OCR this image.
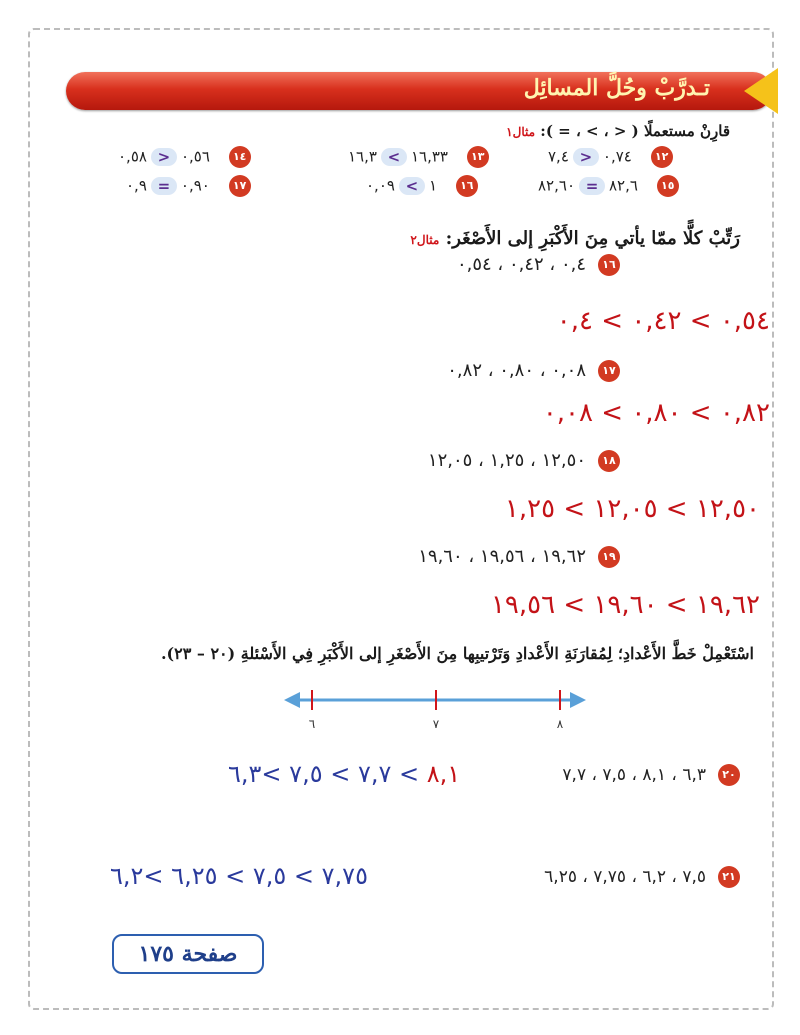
تـدرَّبْ وحُلَّ المسائِل
قارِنْ مستعملًا ( < ، > ، = ): مثال١
٠,٧٤>٧,٤	١٢
١٦,٣٣<١٦,٣	١٣
٠,٥٦>٠,٥٨	١٤
٨٢,٦=٨٢,٦٠	١٥
١<٠,٠٩	١٦
٠,٩٠=٠,٩	١٧
رَتِّبْ كلًّا ممّا يأتي مِنَ الأَكْبَرِ إلى الأَصْغَر: مثال٢
١٦٠,٤ ، ٠,٤٢ ، ٠,٥٤
٠,٥٤ > ٠,٤٢ > ٠,٤
١٧٠,٠٨ ، ٠,٨٠ ، ٠,٨٢
٠,٨٢ > ٠,٨٠ > ٠,٠٨
١٨١٢,٥٠ ، ١,٢٥ ، ١٢,٠٥
١٢,٥٠ > ١٢,٠٥ > ١,٢٥
١٩١٩,٦٢ ، ١٩,٥٦ ، ١٩,٦٠
١٩,٦٢ > ١٩,٦٠ > ١٩,٥٦
اسْتَعْمِلْ خَطَّ الأَعْدادِ؛ لِمُقارَنَةِ الأَعْدادِ وَتَرْتيبِها مِنَ الأَصْغَرِ إلى الأَكْبَرِ فِي الأَسْئلةِ (٢٠ – ٢٣).
٦	٧	٨
٢٠٦,٣ ، ٨,١ ، ٧,٥ ، ٧,٧
٨,١ > ٧,٧ > ٧,٥ >٦,٣
٢١٧,٥ ، ٦,٢ ، ٧,٧٥ ، ٦,٢٥
٧,٧٥ > ٧,٥ > ٦,٢٥ >٦,٢
صفحة ١٧٥
